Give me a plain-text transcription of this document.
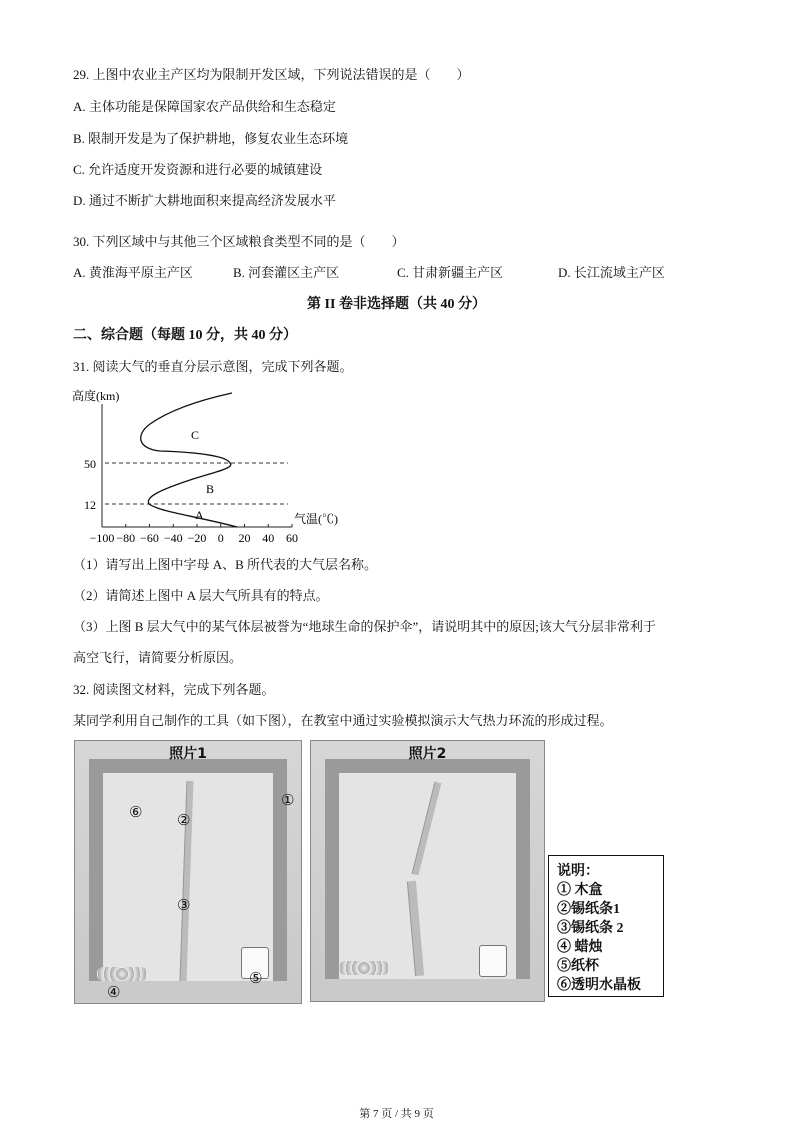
29. 上图中农业主产区均为限制开发区域，下列说法错误的是（　　）
A. 主体功能是保障国家农产品供给和生态稳定
B. 限制开发是为了保护耕地，修复农业生态环境
C. 允许适度开发资源和进行必要的城镇建设
D. 通过不断扩大耕地面积来提高经济发展水平
30. 下列区域中与其他三个区域粮食类型不同的是（　　）
A. 黄淮海平原主产区	B. 河套灌区主产区	C. 甘肃新疆主产区	D. 长江流域主产区
第 II 卷非选择题（共 40 分）
二、综合题（每题 10 分，共 40 分）
31. 阅读大气的垂直分层示意图，完成下列各题。
高度(km)
50
12
C
B
A	气温(℃)
−100 −80 −60 −40 −20 0 20 40 60
（1）请写出上图中字母 A、B 所代表的大气层名称。
（2）请简述上图中 A 层大气所具有的特点。
（3）上图 B 层大气中的某气体层被誉为“地球生命的保护伞”，请说明其中的原因;该大气分层非常利于
高空飞行，请简要分析原因。
32. 阅读图文材料，完成下列各题。
某同学利用自己制作的工具（如下图），在教室中通过实验模拟演示大气热力环流的形成过程。
照片1
①
②
③
④
⑤
⑥
照片2
说明：
① 木盒
②锡纸条1
③锡纸条 2
④ 蜡烛
⑤纸杯
⑥透明水晶板
第 7 页 / 共 9 页
